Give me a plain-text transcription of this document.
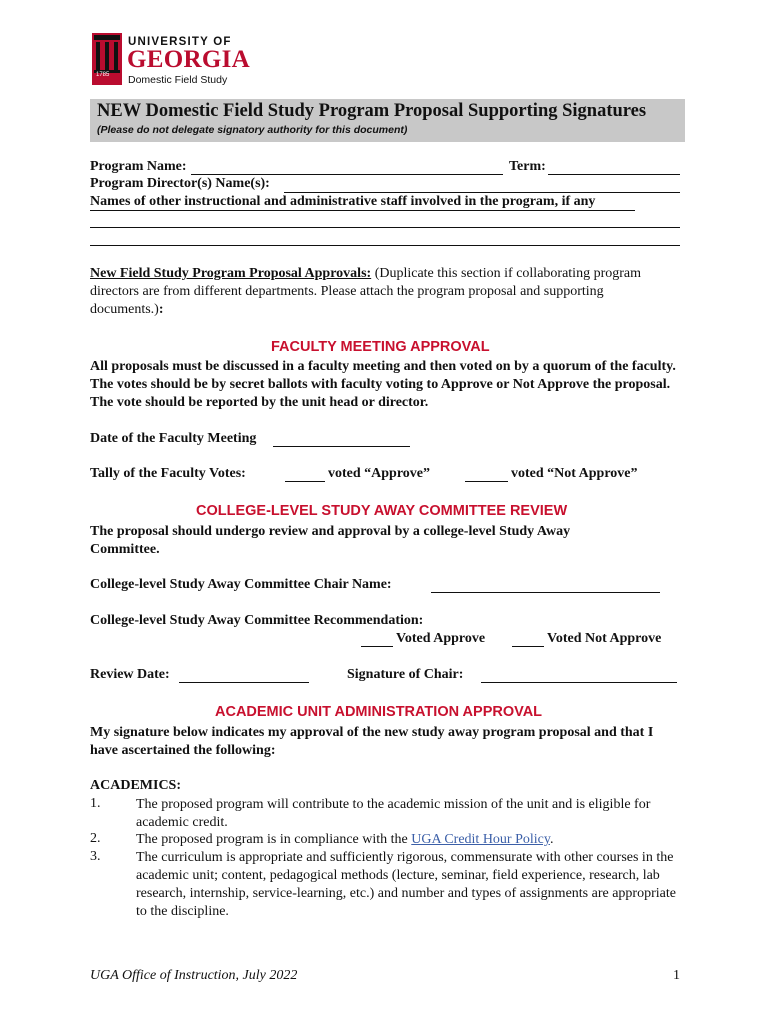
1785
UNIVERSITY OF
GEORGIA
Domestic Field Study
NEW Domestic Field Study Program Proposal Supporting Signatures
(Please do not delegate signatory authority for this document)
Program Name:	Term:
Program Director(s) Name(s):
Names of other instructional and administrative staff involved in the program, if any
New Field Study Program Proposal Approvals: (Duplicate this section if collaborating program directors are from different departments. Please attach the program proposal and supporting documents.):
FACULTY MEETING APPROVAL
All proposals must be discussed in a faculty meeting and then voted on by a quorum of the faculty. The votes should be by secret ballots with faculty voting to Approve or Not Approve the proposal. The vote should be reported by the unit head or director.
Date of the Faculty Meeting
Tally of the Faculty Votes:	voted “Approve”	voted “Not Approve”
COLLEGE-LEVEL STUDY AWAY COMMITTEE REVIEW
The proposal should undergo review and approval by a college-level Study Away Committee.
College-level Study Away Committee Chair Name:
College-level Study Away Committee Recommendation:
Voted Approve	Voted Not Approve
Review Date:	Signature of Chair:
ACADEMIC UNIT ADMINISTRATION APPROVAL
My signature below indicates my approval of the new study away program proposal and that I have ascertained the following:
ACADEMICS:
1.	The proposed program will contribute to the academic mission of the unit and is eligible for academic credit.
2.	The proposed program is in compliance with the UGA Credit Hour Policy.
3.	The curriculum is appropriate and sufficiently rigorous, commensurate with other courses in the academic unit; content, pedagogical methods (lecture, seminar, field experience, research, lab research, internship, service-learning, etc.) and number and types of assignments are appropriate to the discipline.
UGA Office of Instruction, July 2022	1
